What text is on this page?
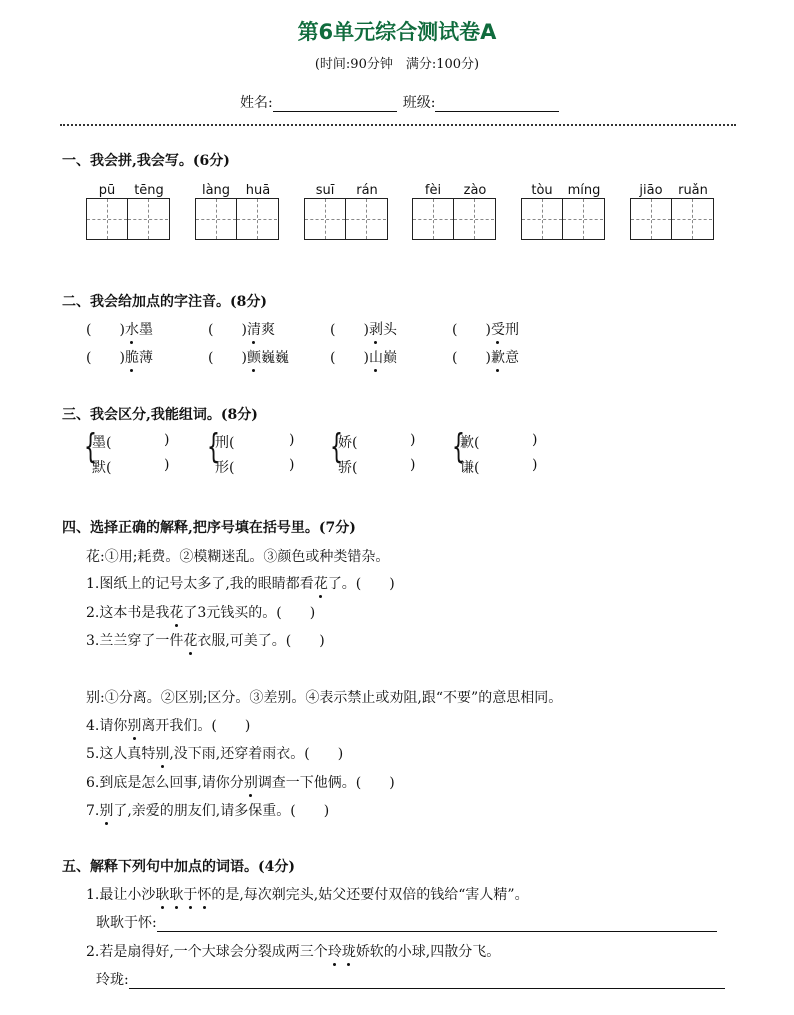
第6单元综合测试卷A
(时间:90分钟　满分:100分)
姓名:	班级:
一、我会拼,我会写。(6分)
pū	tēng	làng	huā	suī	rán	fèi	zào	tòu	míng	jiāo	ruǎn
二、我会给加点的字注音。(8分)
(　　)水墨	(　　)清爽	(　　)剥头	(　　)受刑
(　　)脆薄	(　　)颤巍巍	(　　)山巅	(　　)歉意
三、我会区分,我能组词。(8分)
{
墨(	)
默(	) {
刑(	)
形(	) {
娇(	)
骄(	) {
歉(	)
谦(	)
四、选择正确的解释,把序号填在括号里。(7分)
花:①用;耗费。②模糊迷乱。③颜色或种类错杂。
1.图纸上的记号太多了,我的眼睛都看花了。(　　)
2.这本书是我花了3元钱买的。(　　)
3.兰兰穿了一件花衣服,可美了。(　　)
别:①分离。②区别;区分。③差别。④表示禁止或劝阻,跟“不要”的意思相同。
4.请你别离开我们。(　　)
5.这人真特别,没下雨,还穿着雨衣。(　　)
6.到底是怎么回事,请你分别调查一下他俩。(　　)
7.别了,亲爱的朋友们,请多保重。(　　)
五、解释下列句中加点的词语。(4分)
1.最让小沙耿耿于怀的是,每次剃完头,姑父还要付双倍的钱给“害人精”。
耿耿于怀:
2.若是扇得好,一个大球会分裂成两三个玲珑娇软的小球,四散分飞。
玲珑:
